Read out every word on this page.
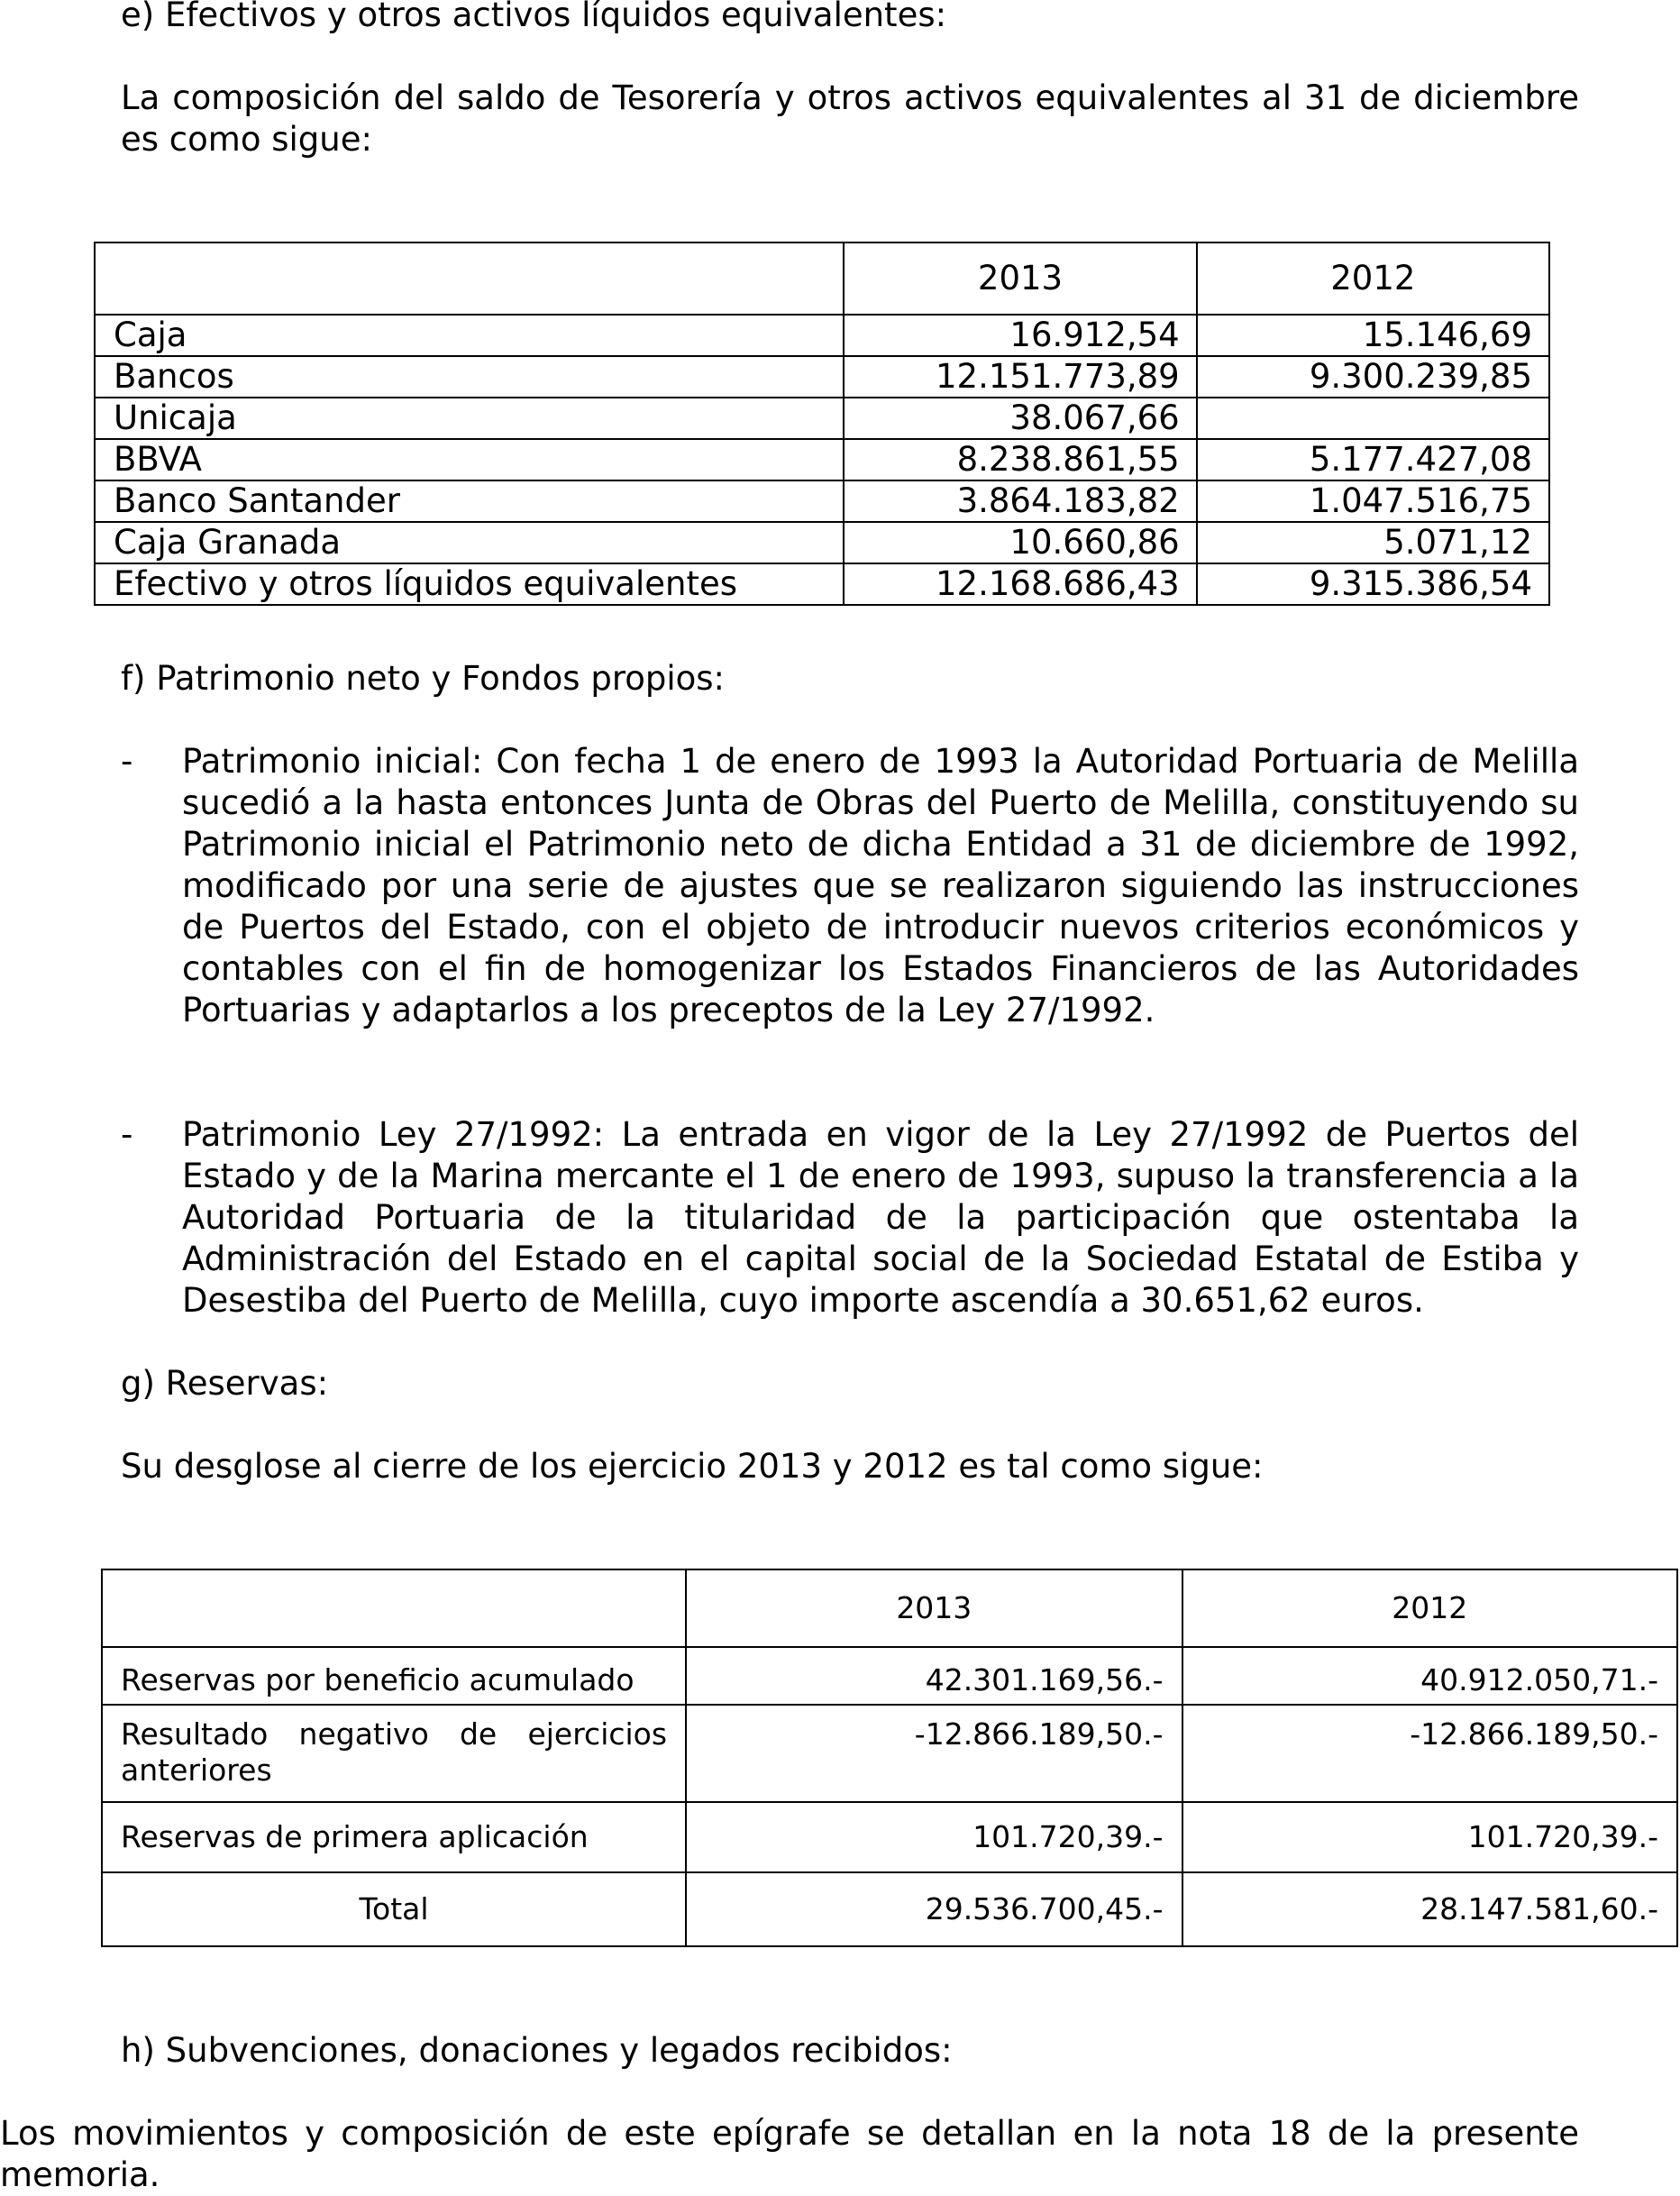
e) Efectivos y otros activos líquidos equivalentes:
La composición del saldo de Tesorería y otros activos equivalentes al 31 de diciembre es como sigue:
	2013	2012
Caja	16.912,54	15.146,69
Bancos	12.151.773,89	9.300.239,85
Unicaja	38.067,66	
BBVA	8.238.861,55	5.177.427,08
Banco Santander	3.864.183,82	1.047.516,75
Caja Granada	10.660,86	5.071,12
Efectivo y otros líquidos equivalentes	12.168.686,43	9.315.386,54
f) Patrimonio neto y Fondos propios:
- Patrimonio inicial: Con fecha 1 de enero de 1993 la Autoridad Portuaria de Melilla sucedió a la hasta entonces Junta de Obras del Puerto de Melilla, constituyendo su Patrimonio inicial el Patrimonio neto de dicha Entidad a 31 de diciembre de 1992, modificado por una serie de ajustes que se realizaron siguiendo las instrucciones de Puertos del Estado, con el objeto de introducir nuevos criterios económicos y contables con el fin de homogenizar los Estados Financieros de las Autoridades Portuarias y adaptarlos a los preceptos de la Ley 27/1992.
- Patrimonio Ley 27/1992: La entrada en vigor de la Ley 27/1992 de Puertos del Estado y de la Marina mercante el 1 de enero de 1993, supuso la transferencia a la Autoridad Portuaria de la titularidad de la participación que ostentaba la Administración del Estado en el capital social de la Sociedad Estatal de Estiba y Desestiba del Puerto de Melilla, cuyo importe ascendía a 30.651,62 euros.
g) Reservas:
Su desglose al cierre de los ejercicio 2013 y 2012 es tal como sigue:
	2013	2012
Reservas por beneficio acumulado	42.301.169,56.-	40.912.050,71.-
Resultado negativo de ejercicios anteriores	-12.866.189,50.-	-12.866.189,50.-
Reservas de primera aplicación	101.720,39.-	101.720,39.-
Total	29.536.700,45.-	28.147.581,60.-
h) Subvenciones, donaciones y legados recibidos:
Los movimientos y composición de este epígrafe se detallan en la nota 18 de la presente memoria.
